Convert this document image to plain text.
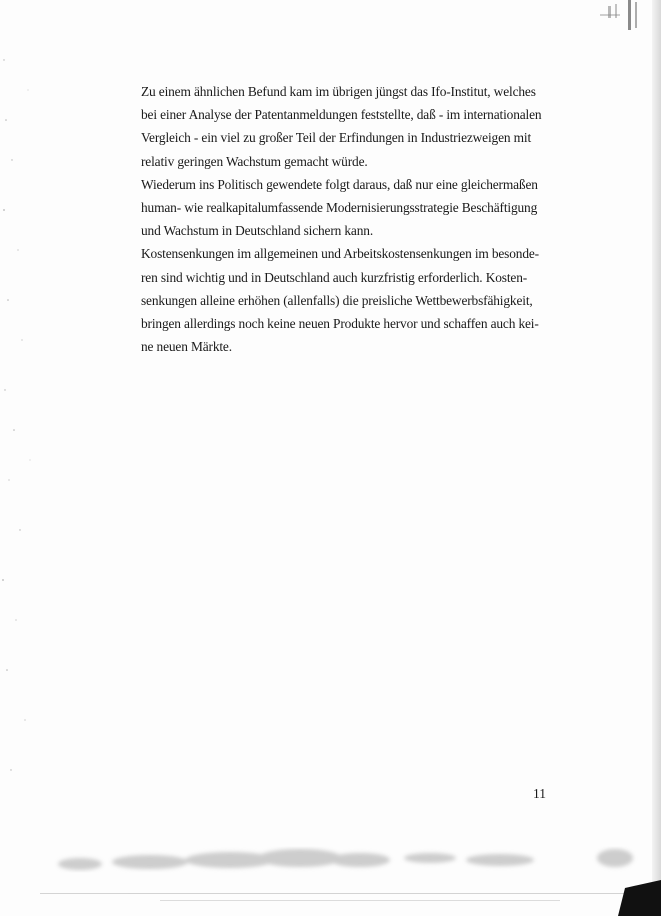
Zu einem ähnlichen Befund kam im übrigen jüngst das Ifo-Institut, welches
bei einer Analyse der Patentanmeldungen feststellte, daß - im internationalen
Vergleich - ein viel zu großer Teil der Erfindungen in Industriezweigen mit
relativ geringen Wachstum gemacht würde.
Wiederum ins Politisch gewendete folgt daraus, daß nur eine gleichermaßen
human- wie realkapitalumfassende Modernisierungsstrategie Beschäftigung
und Wachstum in Deutschland sichern kann.
Kostensenkungen im allgemeinen und Arbeitskostensenkungen im besonde-
ren sind wichtig und in Deutschland auch kurzfristig erforderlich. Kosten-
senkungen alleine erhöhen (allenfalls) die preisliche Wettbewerbsfähigkeit,
bringen allerdings noch keine neuen Produkte hervor und schaffen auch kei-
ne neuen Märkte.
11
